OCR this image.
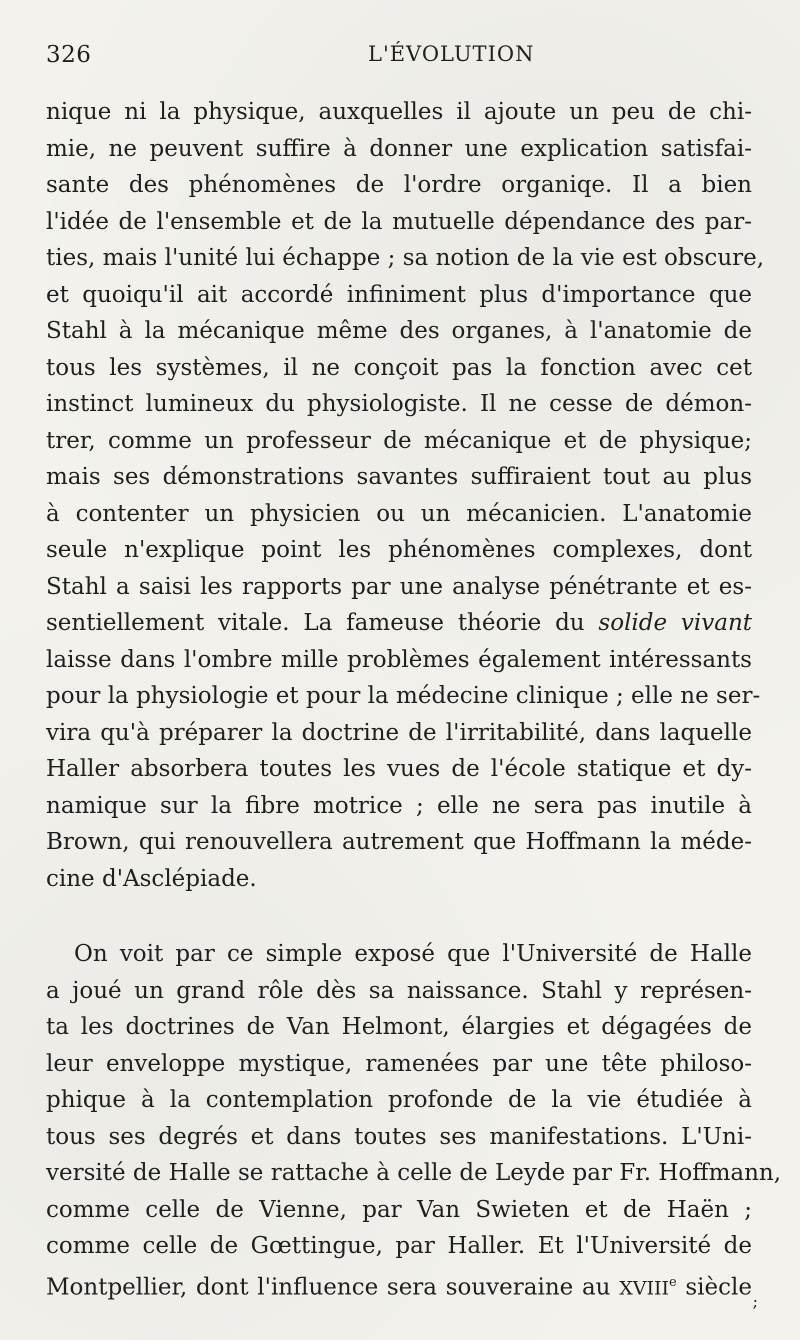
326	L'ÉVOLUTION
nique ni la physique, auxquelles il ajoute un peu de chi-
mie, ne peuvent suffire à donner une explication satisfai-
sante des phénomènes de l'ordre organiqe. Il a bien
l'idée de l'ensemble et de la mutuelle dépendance des par-
ties, mais l'unité lui échappe ; sa notion de la vie est obscure,
et quoiqu'il ait accordé infiniment plus d'importance que
Stahl à la mécanique même des organes, à l'anatomie de
tous les systèmes, il ne conçoit pas la fonction avec cet
instinct lumineux du physiologiste. Il ne cesse de démon-
trer, comme un professeur de mécanique et de physique;
mais ses démonstrations savantes suffiraient tout au plus
à contenter un physicien ou un mécanicien. L'anatomie
seule n'explique point les phénomènes complexes, dont
Stahl a saisi les rapports par une analyse pénétrante et es-
sentiellement vitale. La fameuse théorie du solide vivant
laisse dans l'ombre mille problèmes également intéressants
pour la physiologie et pour la médecine clinique ; elle ne ser-
vira qu'à préparer la doctrine de l'irritabilité, dans laquelle
Haller absorbera toutes les vues de l'école statique et dy-
namique sur la fibre motrice ; elle ne sera pas inutile à
Brown, qui renouvellera autrement que Hoffmann la méde-
cine d'Asclépiade.
On voit par ce simple exposé que l'Université de Halle
a joué un grand rôle dès sa naissance. Stahl y représen-
ta les doctrines de Van Helmont, élargies et dégagées de
leur enveloppe mystique, ramenées par une tête philoso-
phique à la contemplation profonde de la vie étudiée à
tous ses degrés et dans toutes ses manifestations. L'Uni-
versité de Halle se rattache à celle de Leyde par Fr. Hoffmann,
comme celle de Vienne, par Van Swieten et de Haën ;
comme celle de Gœttingue, par Haller. Et l'Université de
Montpellier, dont l'influence sera souveraine au XVIIIe siècle
;
